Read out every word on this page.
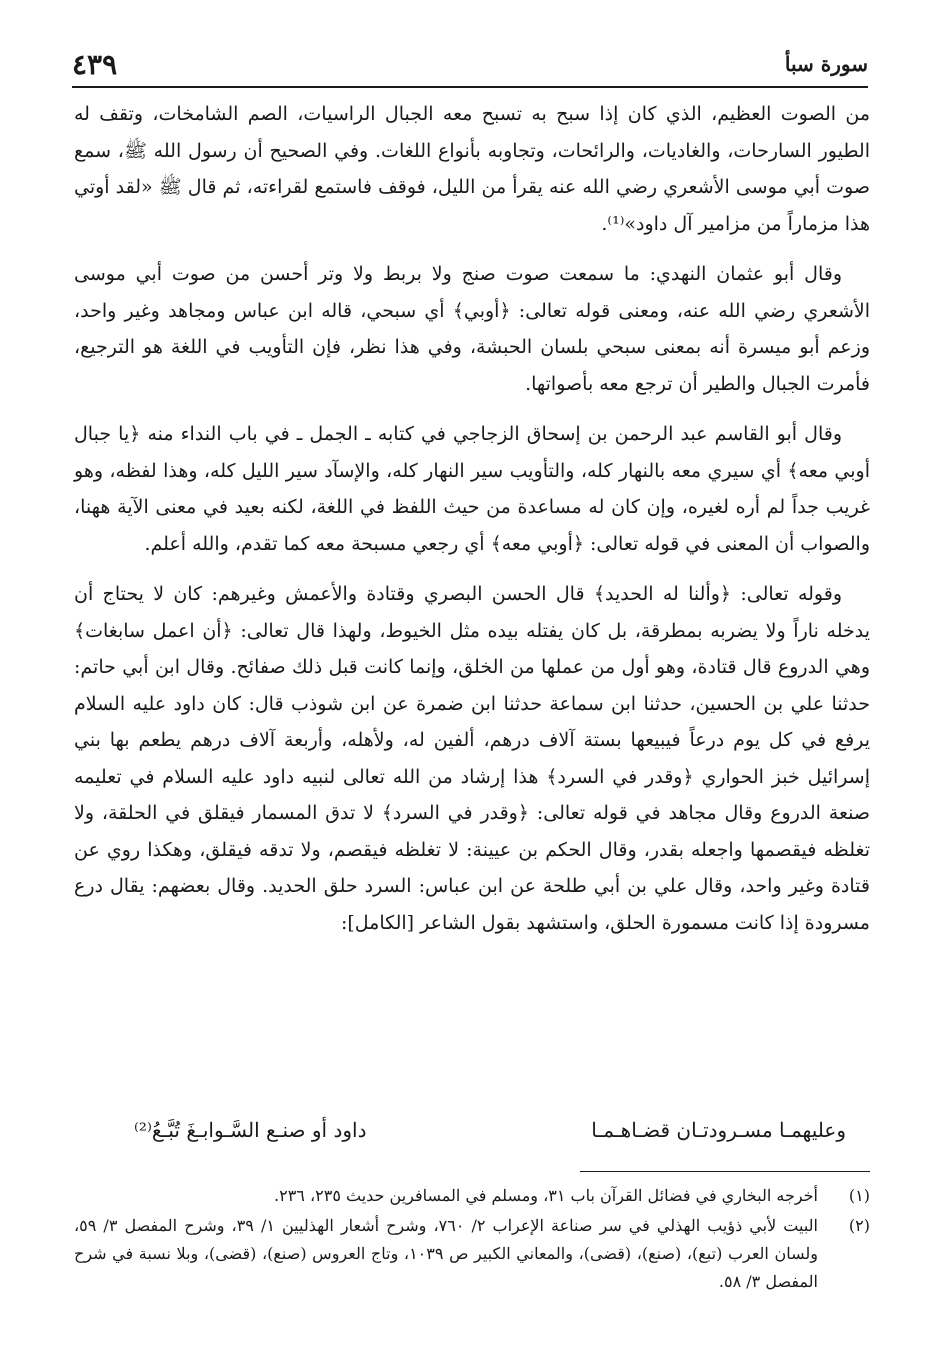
سورة سبأ
٤٣٩

من الصوت العظيم، الذي كان إذا سبح به تسبح معه الجبال الراسيات، الصم الشامخات، وتقف له الطيور السارحات، والغاديات، والرائحات، وتجاوبه بأنواع اللغات. وفي الصحيح أن رسول الله ﷺ، سمع صوت أبي موسى الأشعري رضي الله عنه يقرأ من الليل، فوقف فاستمع لقراءته، ثم قال ﷺ «لقد أوتي هذا مزماراً من مزامير آل داود»⁽¹⁾.

وقال أبو عثمان النهدي: ما سمعت صوت صنج ولا بربط ولا وتر أحسن من صوت أبي موسى الأشعري رضي الله عنه، ومعنى قوله تعالى: ﴿أوبي﴾ أي سبحي، قاله ابن عباس ومجاهد وغير واحد، وزعم أبو ميسرة أنه بمعنى سبحي بلسان الحبشة، وفي هذا نظر، فإن التأويب في اللغة هو الترجيع، فأمرت الجبال والطير أن ترجع معه بأصواتها.

وقال أبو القاسم عبد الرحمن بن إسحاق الزجاجي في كتابه ـ الجمل ـ في باب النداء منه ﴿يا جبال أوبي معه﴾ أي سيري معه بالنهار كله، والتأويب سير النهار كله، والإسآد سير الليل كله، وهذا لفظه، وهو غريب جداً لم أره لغيره، وإن كان له مساعدة من حيث اللفظ في اللغة، لكنه بعيد في معنى الآية ههنا، والصواب أن المعنى في قوله تعالى: ﴿أوبي معه﴾ أي رجعي مسبحة معه كما تقدم، والله أعلم.

وقوله تعالى: ﴿وألنا له الحديد﴾ قال الحسن البصري وقتادة والأعمش وغيرهم: كان لا يحتاج أن يدخله ناراً ولا يضربه بمطرقة، بل كان يفتله بيده مثل الخيوط، ولهذا قال تعالى: ﴿أن اعمل سابغات﴾ وهي الدروع قال قتادة، وهو أول من عملها من الخلق، وإنما كانت قبل ذلك صفائح. وقال ابن أبي حاتم: حدثنا علي بن الحسين، حدثنا ابن سماعة حدثنا ابن ضمرة عن ابن شوذب قال: كان داود عليه السلام يرفع في كل يوم درعاً فيبيعها بستة آلاف درهم، ألفين له، ولأهله، وأربعة آلاف درهم يطعم بها بني إسرائيل خبز الحواري ﴿وقدر في السرد﴾ هذا إرشاد من الله تعالى لنبيه داود عليه السلام في تعليمه صنعة الدروع وقال مجاهد في قوله تعالى: ﴿وقدر في السرد﴾ لا تدق المسمار فيقلق في الحلقة، ولا تغلظه فيقصمها واجعله بقدر، وقال الحكم بن عيينة: لا تغلظه فيقصم، ولا تدقه فيقلق، وهكذا روي عن قتادة وغير واحد، وقال علي بن أبي طلحة عن ابن عباس: السرد حلق الحديد. وقال بعضهم: يقال درع مسرودة إذا كانت مسمورة الحلق، واستشهد بقول الشاعر [الكامل]:

وعليهمـا مسـرودتـان قضـاهـمـا
داود أو صنـع السَّـوابـغَ تُبَّـعُ⁽²⁾
(١)
أخرجه البخاري في فضائل القرآن باب ٣١، ومسلم في المسافرين حديث ٢٣٥، ٢٣٦.
(٢)
البيت لأبي ذؤيب الهذلي في سر صناعة الإعراب ٢/ ٧٦٠، وشرح أشعار الهذليين ١/ ٣٩، وشرح المفصل ٣/ ٥٩، ولسان العرب (تبع)، (صنع)، (قضى)، والمعاني الكبير ص ١٠٣٩، وتاج العروس (صنع)، (قضى)، وبلا نسبة في شرح المفصل ٣/ ٥٨.
